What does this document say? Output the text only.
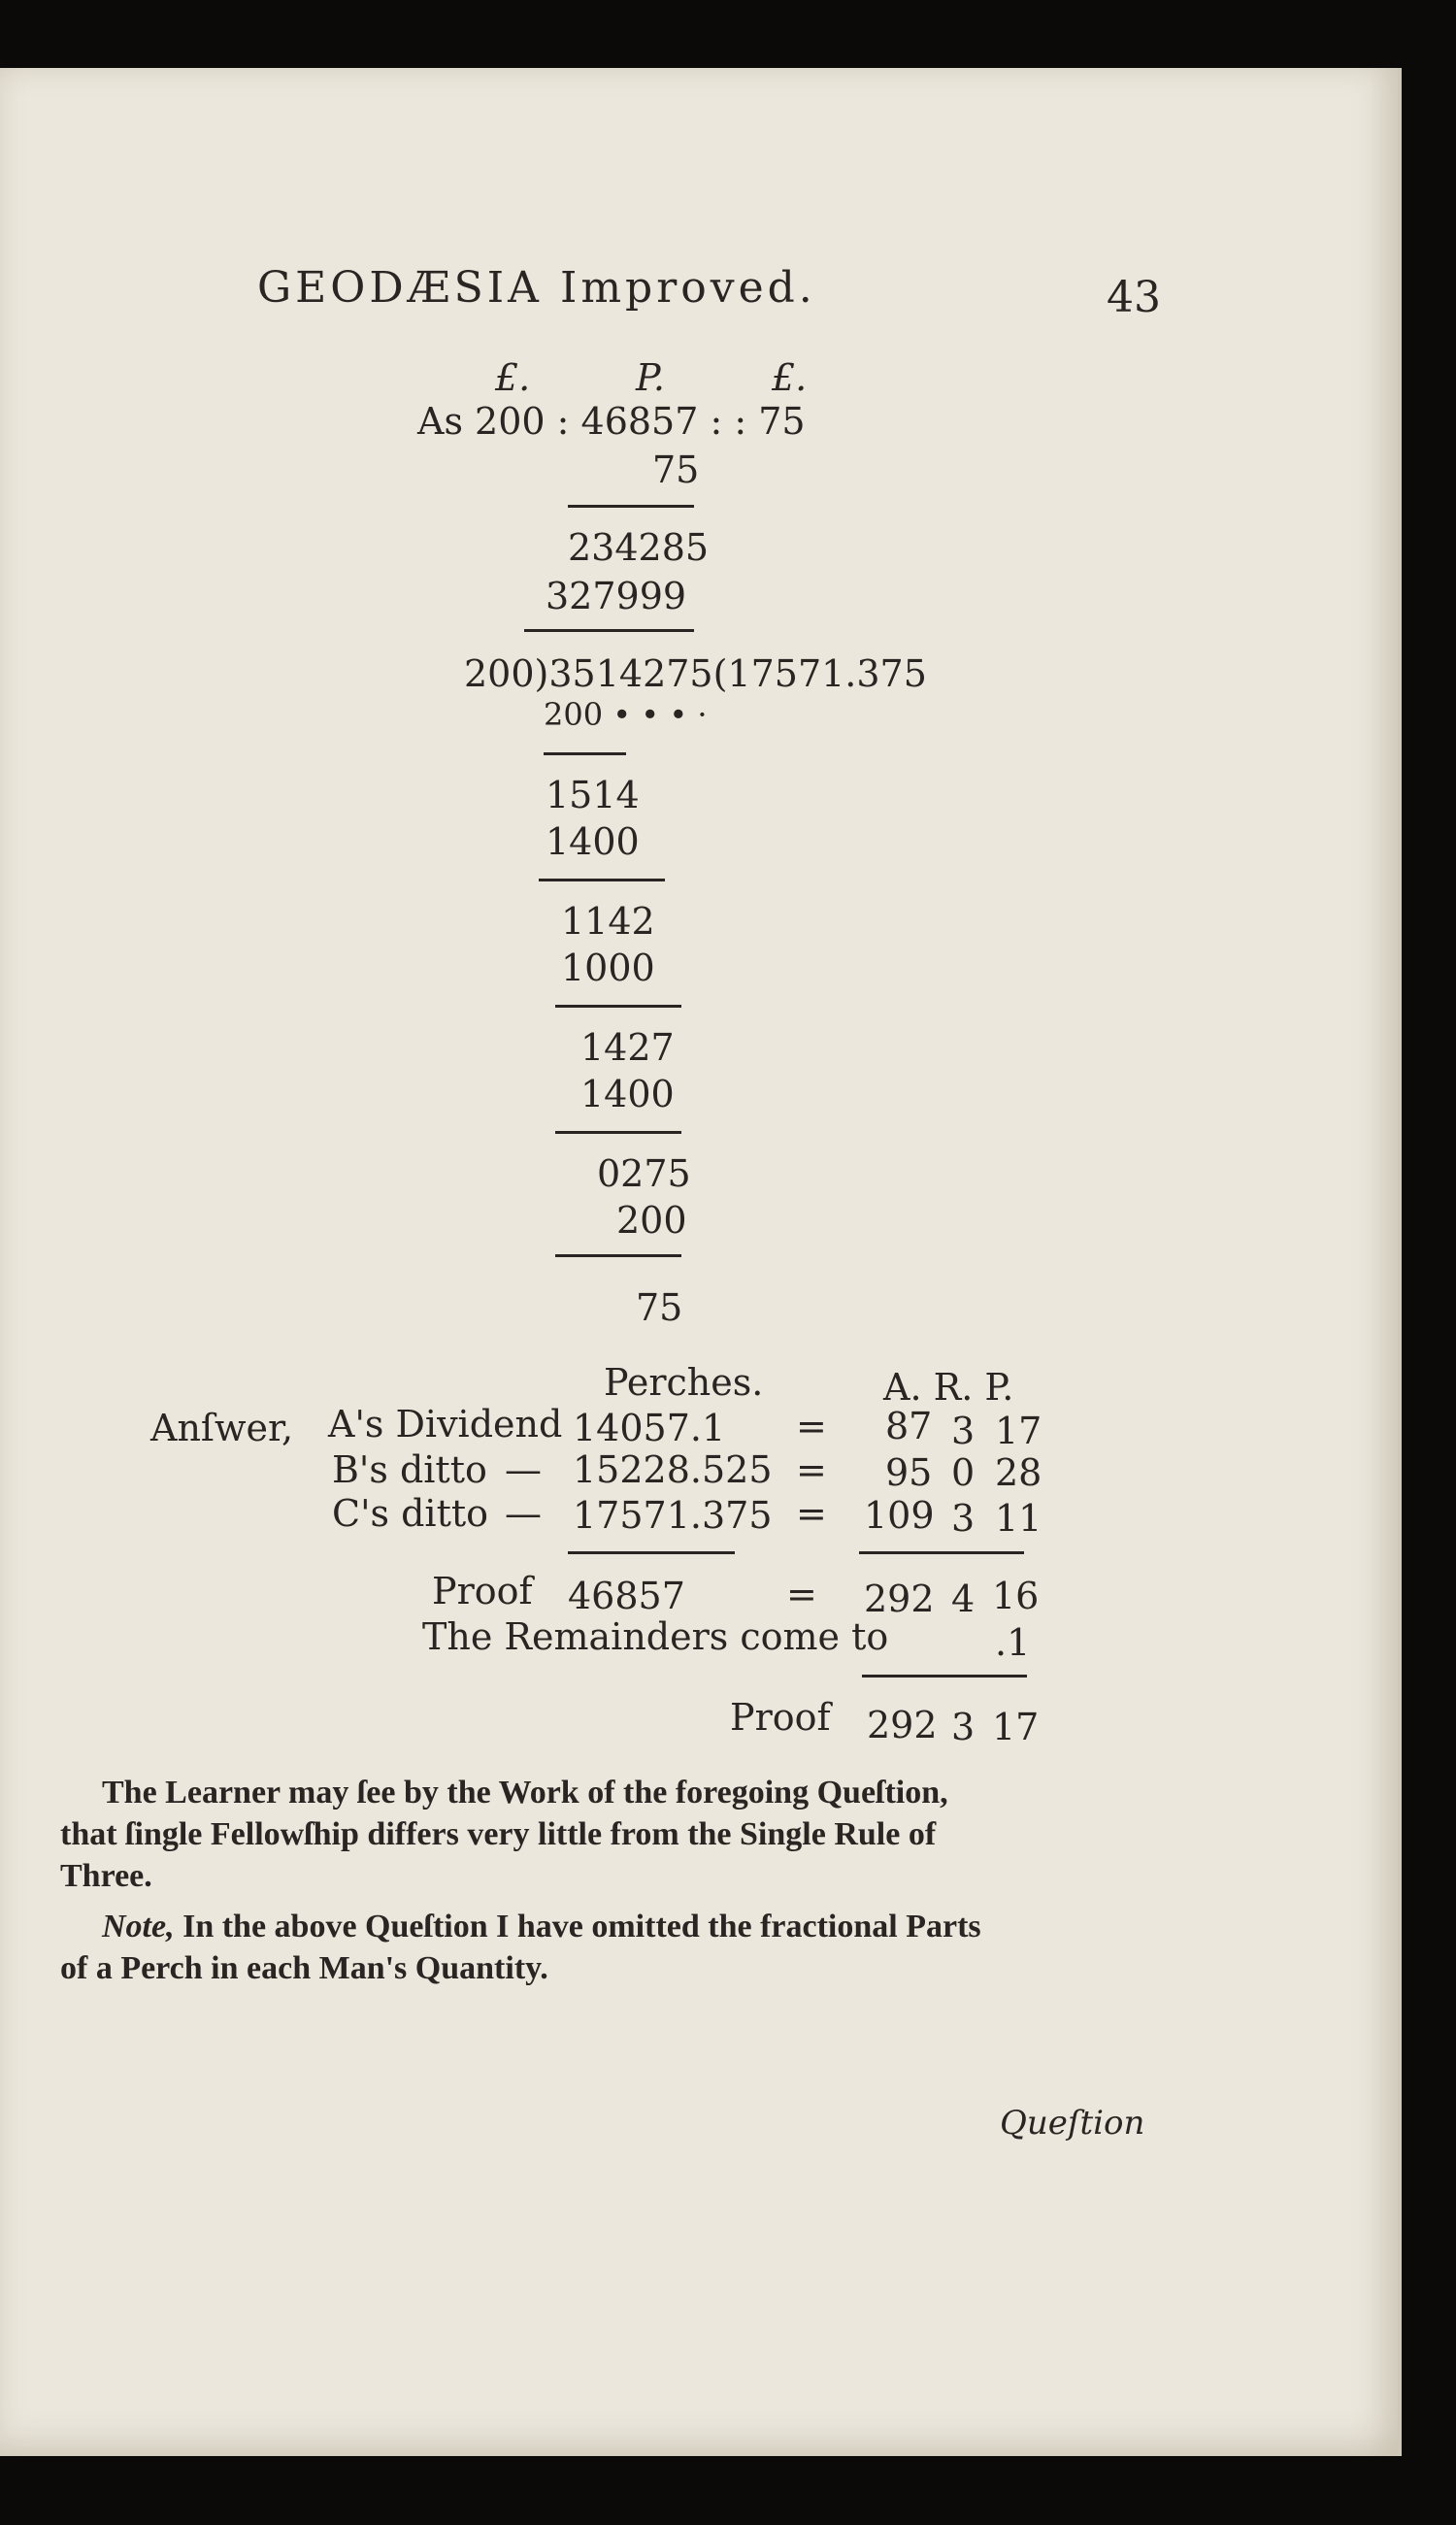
GEODÆSIA Improved.	43
£.	P.	£.
As 200 : 46857 : : 75
75
234285
327999
200)3514275(17571.375
200 • • • ·
1514
1400
1142
1000
1427
1400
0275
200
75
Perches.	A. R. P.
Anſwer, A's Dividend 14057.1 = 87 3 17
B's ditto — 15228.525 = 95 0 28
C's ditto — 17571.375 = 109 3 11
Proof 46857	= 292 4 16
The Remainders come to	.1
Proof 292 3 17
The Learner may ſee by the Work of the foregoing Queſtion,
that ſingle Fellowſhip differs very little from the Single Rule of
Three.
Note, In the above Queſtion I have omitted the fractional Parts
of a Perch in each Man's Quantity.
Queſtion
